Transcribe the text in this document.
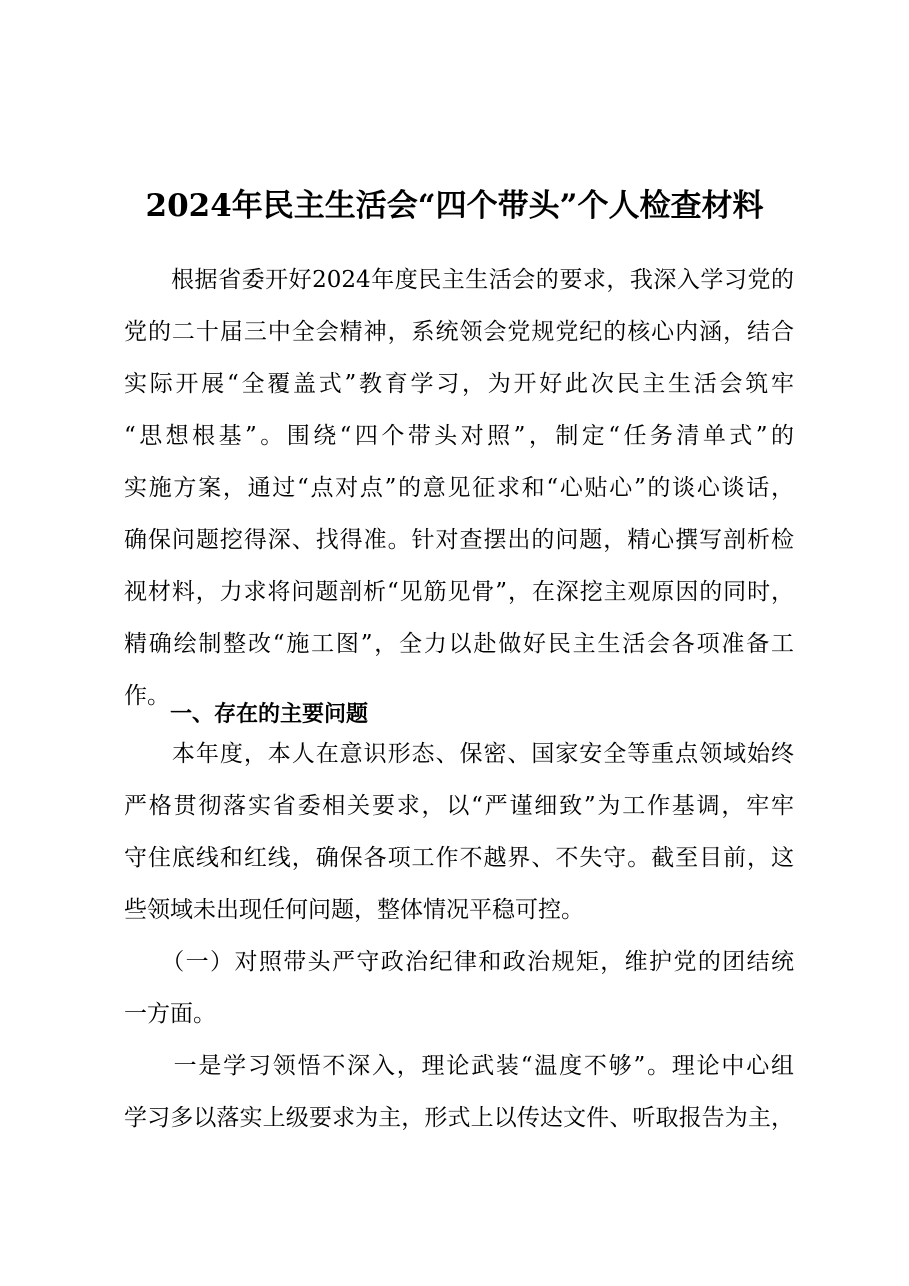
2024年民主生活会“四个带头”个人检查材料

　　根据省委开好2024年度民主生活会的要求，我深入学习党的

党的二十届三中全会精神，系统领会党规党纪的核心内涵，结合

实际开展“全覆盖式”教育学习，为开好此次民主生活会筑牢

“思想根基”。围绕“四个带头对照”，制定“任务清单式”的

实施方案，通过“点对点”的意见征求和“心贴心”的谈心谈话，

确保问题挖得深、找得准。针对查摆出的问题，精心撰写剖析检

视材料，力求将问题剖析“见筋见骨”，在深挖主观原因的同时，

精确绘制整改“施工图”，全力以赴做好民主生活会各项准备工

作。

一、存在的主要问题

　　本年度，本人在意识形态、保密、国家安全等重点领域始终

严格贯彻落实省委相关要求，以“严谨细致”为工作基调，牢牢

守住底线和红线，确保各项工作不越界、不失守。截至目前，这

些领域未出现任何问题，整体情况平稳可控。

　　（一）对照带头严守政治纪律和政治规矩，维护党的团结统

一方面。

　　一是学习领悟不深入，理论武装“温度不够”。理论中心组

学习多以落实上级要求为主，形式上以传达文件、听取报告为主，
